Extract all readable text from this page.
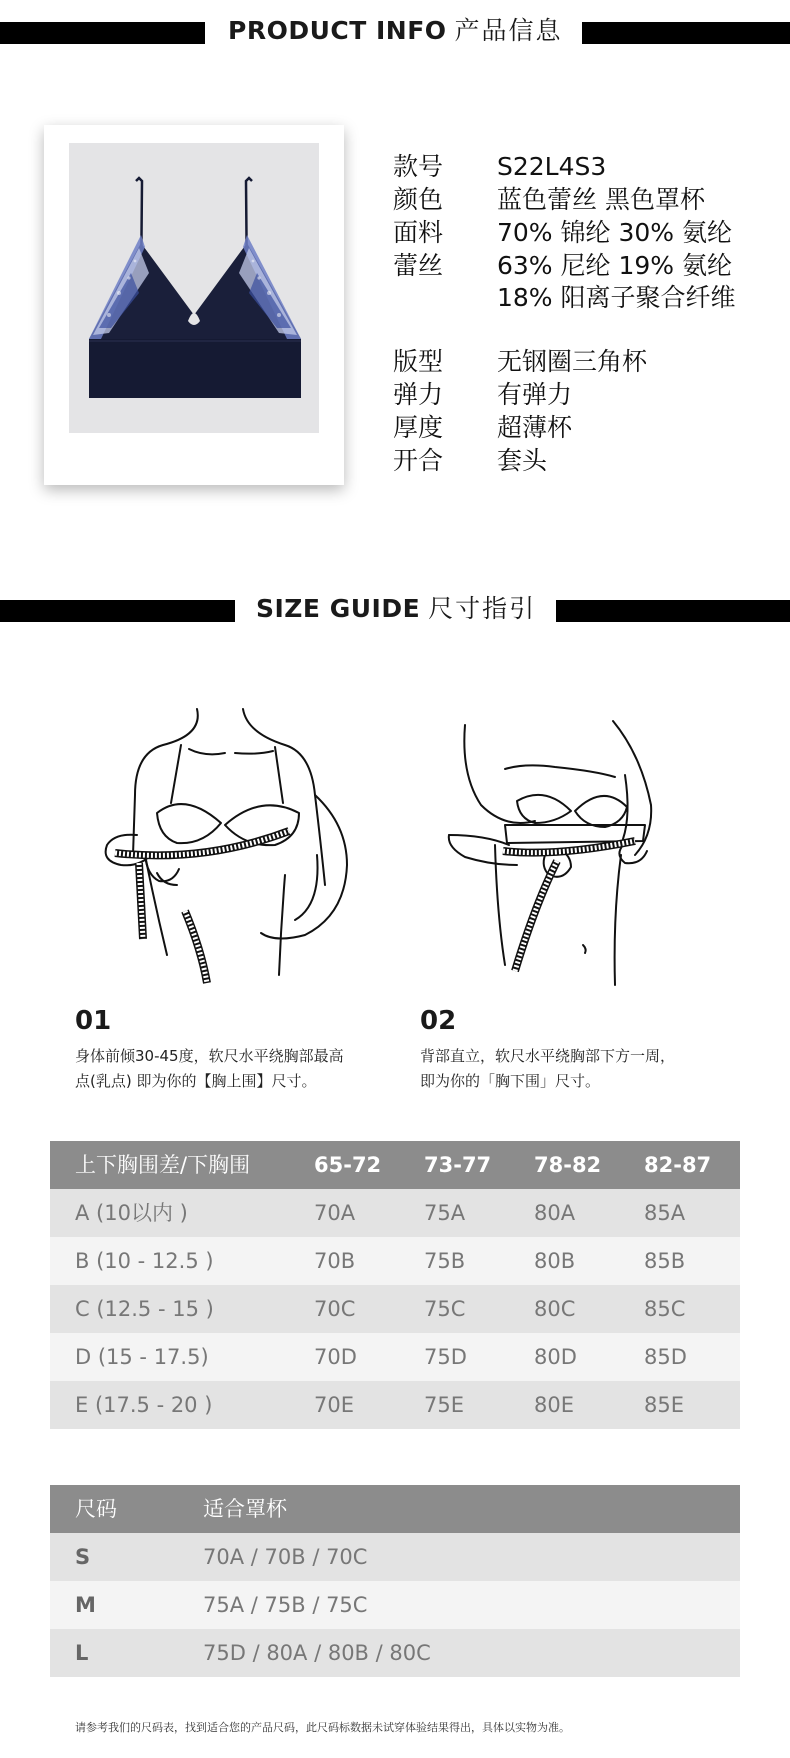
PRODUCT INFO 产品信息
款号 S22L4S3
颜色 蓝色蕾丝 黑色罩杯
面料 70% 锦纶 30% 氨纶
蕾丝 63% 尼纶 19% 氨纶
18% 阳离子聚合纤维
版型 无钢圈三角杯
弹力 有弹力
厚度 超薄杯
开合 套头
SIZE GUIDE 尺寸指引
01
身体前倾30-45度，软尺水平绕胸部最高
点(乳点) 即为你的【胸上围】尺寸。
02
背部直立，软尺水平绕胸部下方一周，
即为你的「胸下围」尺寸。
上下胸围差/下胸围	65-72 73-77 78-82 82-87
A (10以内 )	70A	75A	80A	85A
B (10 - 12.5 )	70B	75B	80B	85B
C (12.5 - 15 )	70C	75C	80C	85C
D (15 - 17.5)	70D	75D	80D	85D
E (17.5 - 20 )	70E	75E	80E	85E
尺码	适合罩杯
S	70A / 70B / 70C
M	75A / 75B / 75C
L	75D / 80A / 80B / 80C
请参考我们的尺码表，找到适合您的产品尺码，此尺码标数据未试穿体验结果得出，具体以实物为准。
